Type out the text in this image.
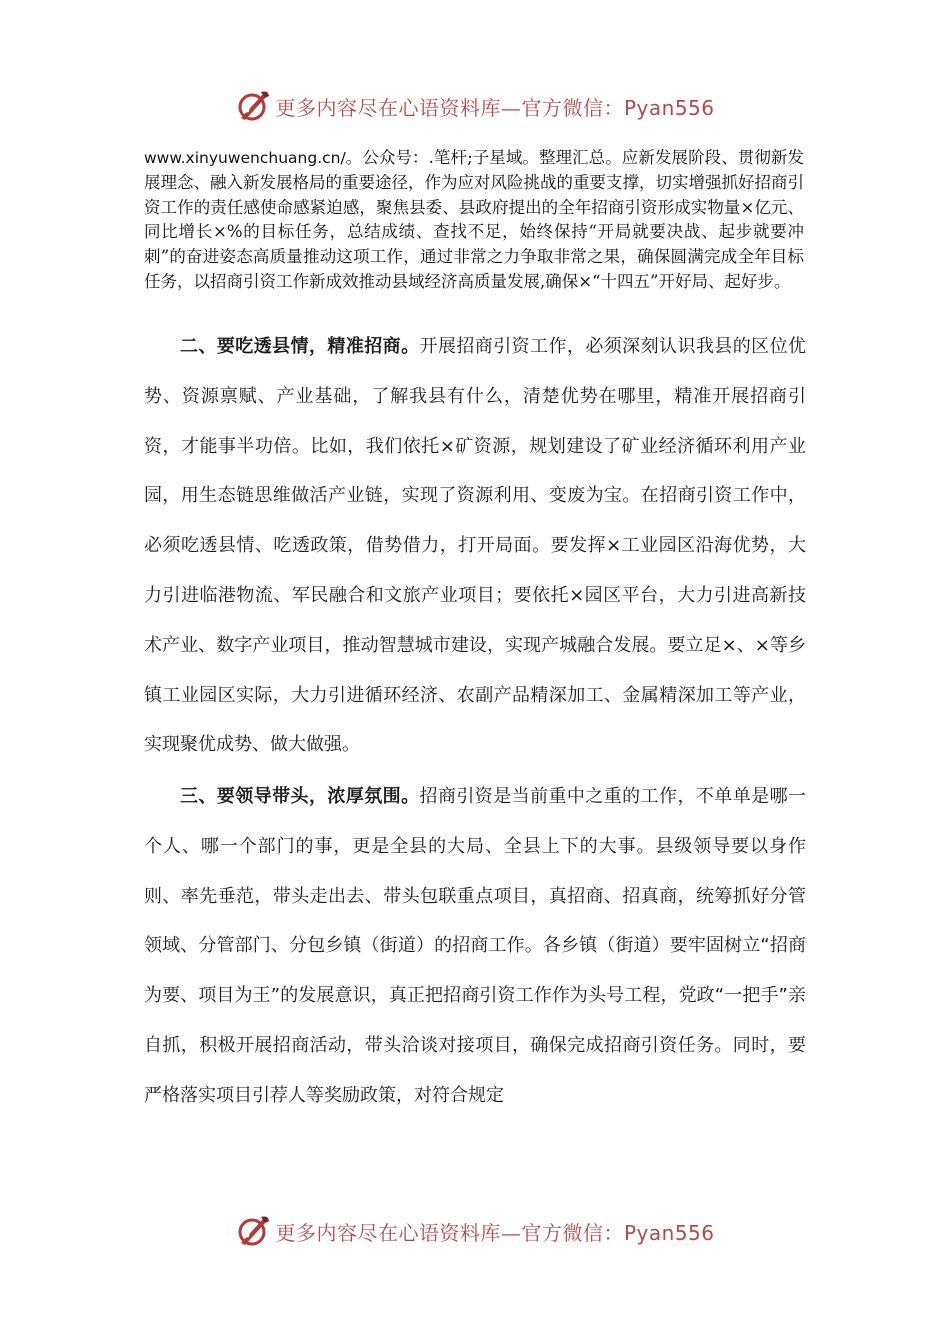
更多内容尽在心语资料库—官方微信：Pyan556
www.xinyuwenchuang.cn/。公众号：.笔杆;子星域。整理汇总。应新发展阶段、贯彻新发展理念、融入新发展格局的重要途径，作为应对风险挑战的重要支撑，切实增强抓好招商引资工作的责任感使命感紧迫感，聚焦县委、县政府提出的全年招商引资形成实物量×亿元、同比增长×%的目标任务，总结成绩、查找不足，始终保持“开局就要决战、起步就要冲刺”的奋进姿态高质量推动这项工作，通过非常之力争取非常之果，确保圆满完成全年目标任务，以招商引资工作新成效推动县域经济高质量发展,确保×“十四五”开好局、起好步。
二、要吃透县情，精准招商。开展招商引资工作，必须深刻认识我县的区位优势、资源禀赋、产业基础，了解我县有什么，清楚优势在哪里，精准开展招商引资，才能事半功倍。比如，我们依托×矿资源，规划建设了矿业经济循环利用产业园，用生态链思维做活产业链，实现了资源利用、变废为宝。在招商引资工作中，必须吃透县情、吃透政策，借势借力，打开局面。要发挥×工业园区沿海优势，大力引进临港物流、军民融合和文旅产业项目；要依托×园区平台，大力引进高新技术产业、数字产业项目，推动智慧城市建设，实现产城融合发展。要立足×、×等乡镇工业园区实际，大力引进循环经济、农副产品精深加工、金属精深加工等产业，实现聚优成势、做大做强。
三、要领导带头，浓厚氛围。招商引资是当前重中之重的工作，不单单是哪一个人、哪一个部门的事，更是全县的大局、全县上下的大事。县级领导要以身作则、率先垂范，带头走出去、带头包联重点项目，真招商、招真商，统筹抓好分管领域、分管部门、分包乡镇（街道）的招商工作。各乡镇（街道）要牢固树立“招商为要、项目为王”的发展意识，真正把招商引资工作作为头号工程，党政“一把手”亲自抓，积极开展招商活动，带头洽谈对接项目，确保完成招商引资任务。同时，要严格落实项目引荐人等奖励政策，对符合规定
更多内容尽在心语资料库—官方微信：Pyan556
